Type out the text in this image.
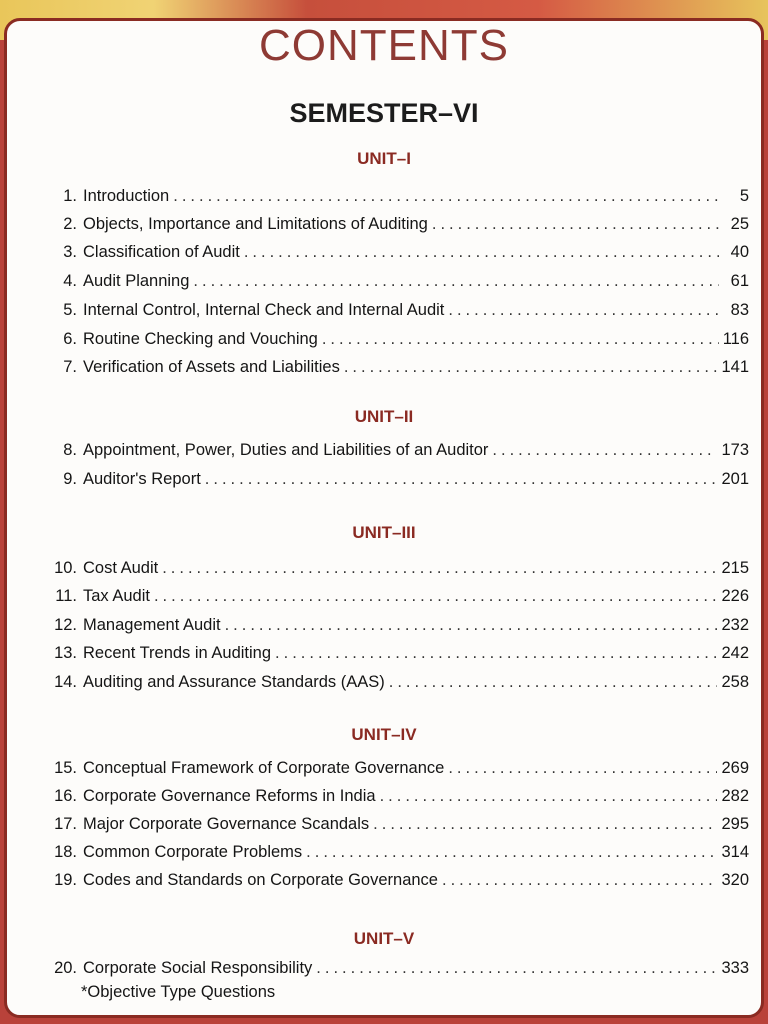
CONTENTS
SEMESTER–VI
UNIT–I
1. Introduction .....	5
2. Objects, Importance and Limitations of Auditing .....	25
3. Classification of Audit .....	40
4. Audit Planning .....	61
5. Internal Control, Internal Check and Internal Audit .....	83
6. Routine Checking and Vouching .....	116
7. Verification of Assets and Liabilities .....	141
UNIT–II
8. Appointment, Power, Duties and Liabilities of an Auditor .....	173
9. Auditor's Report .....	201
UNIT–III
10. Cost Audit .....	215
11. Tax Audit .....	226
12. Management Audit .....	232
13. Recent Trends in Auditing .....	242
14. Auditing and Assurance Standards (AAS) .....	258
UNIT–IV
15. Conceptual Framework of Corporate Governance .....	269
16. Corporate Governance Reforms in India .....	282
17. Major Corporate Governance Scandals .....	295
18. Common Corporate Problems .....	314
19. Codes and Standards on Corporate Governance .....	320
UNIT–V
20. Corporate Social Responsibility .....	333
*Objective Type Questions
